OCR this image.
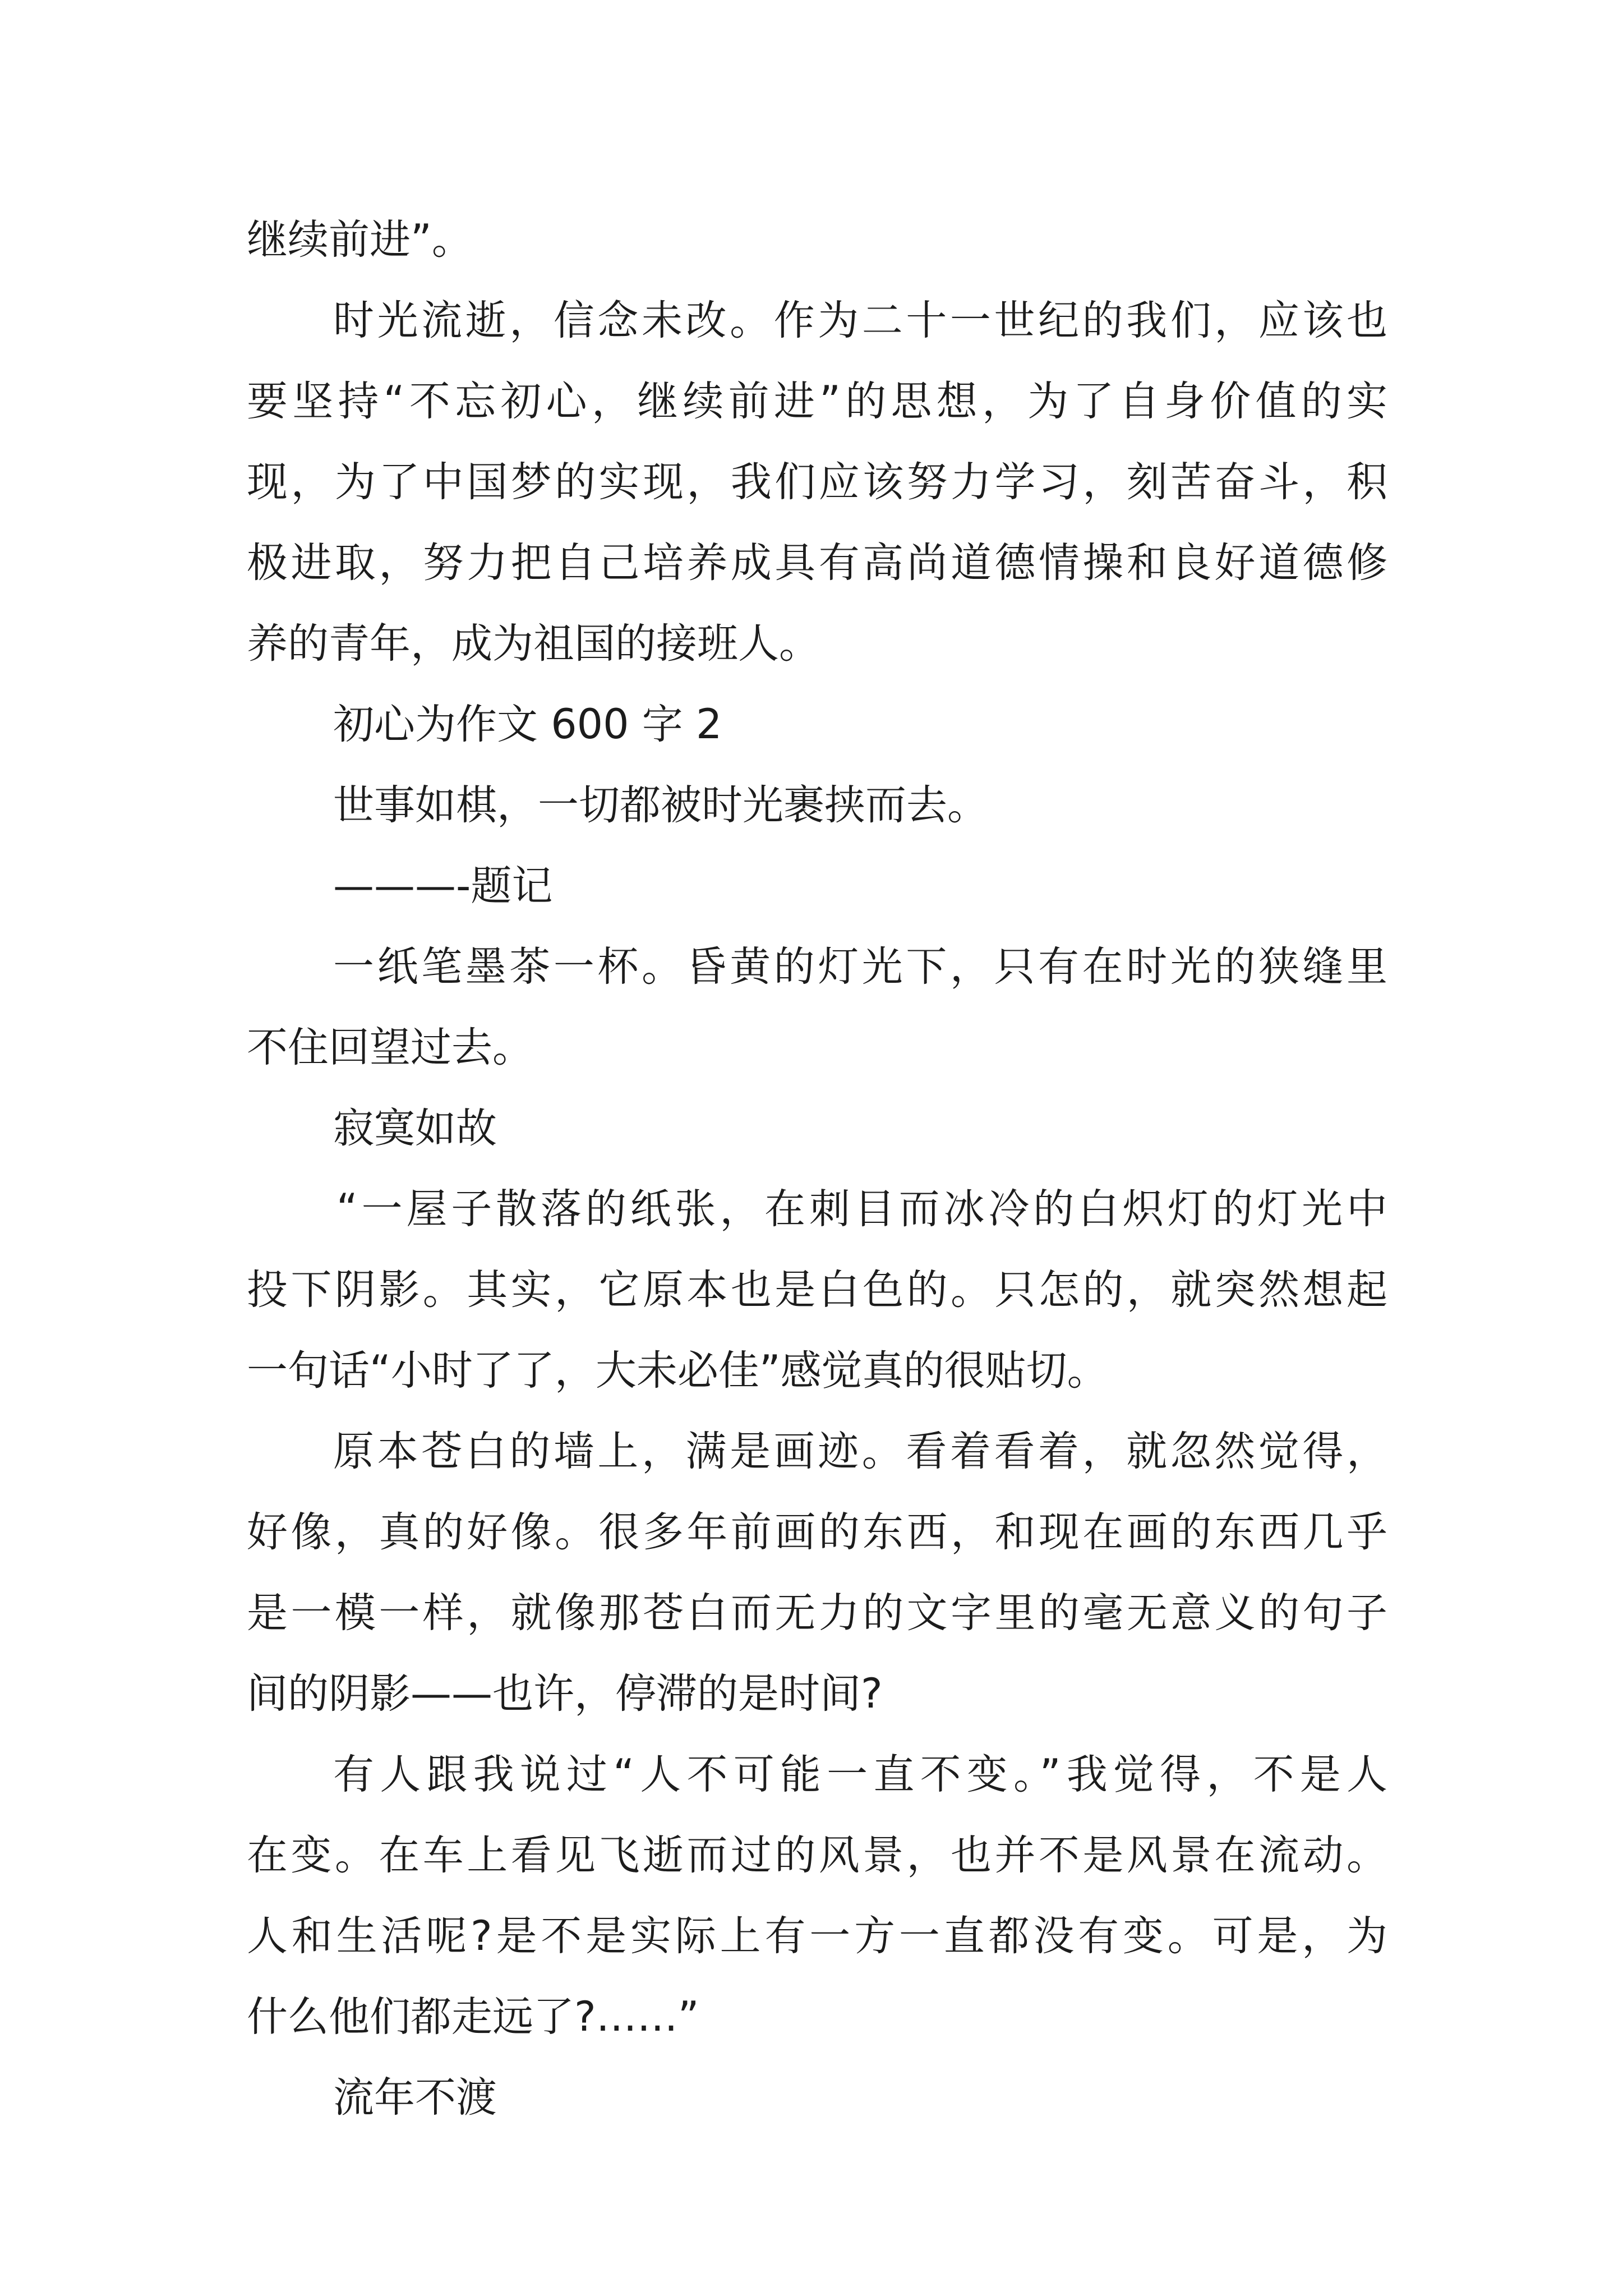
继续前进”。

时光流逝，信念未改。作为二十一世纪的我们，应该也

要坚持“不忘初心，继续前进”的思想，为了自身价值的实

现，为了中国梦的实现，我们应该努力学习，刻苦奋斗，积

极进取，努力把自己培养成具有高尚道德情操和良好道德修

养的青年，成为祖国的接班人。

初心为作文 600 字 2

世事如棋，一切都被时光裹挟而去。

———-题记

一纸笔墨茶一杯。昏黄的灯光下，只有在时光的狭缝里

不住回望过去。

寂寞如故

“一屋子散落的纸张，在刺目而冰冷的白炽灯的灯光中

投下阴影。其实，它原本也是白色的。只怎的，就突然想起

一句话“小时了了，大未必佳”感觉真的很贴切。

原本苍白的墙上，满是画迹。看着看着，就忽然觉得，

好像，真的好像。很多年前画的东西，和现在画的东西几乎

是一模一样，就像那苍白而无力的文字里的毫无意义的句子

间的阴影——也许，停滞的是时间?

有人跟我说过“人不可能一直不变。”我觉得，不是人

在变。在车上看见飞逝而过的风景，也并不是风景在流动。

人和生活呢?是不是实际上有一方一直都没有变。可是，为

什么他们都走远了?……”

流年不渡
